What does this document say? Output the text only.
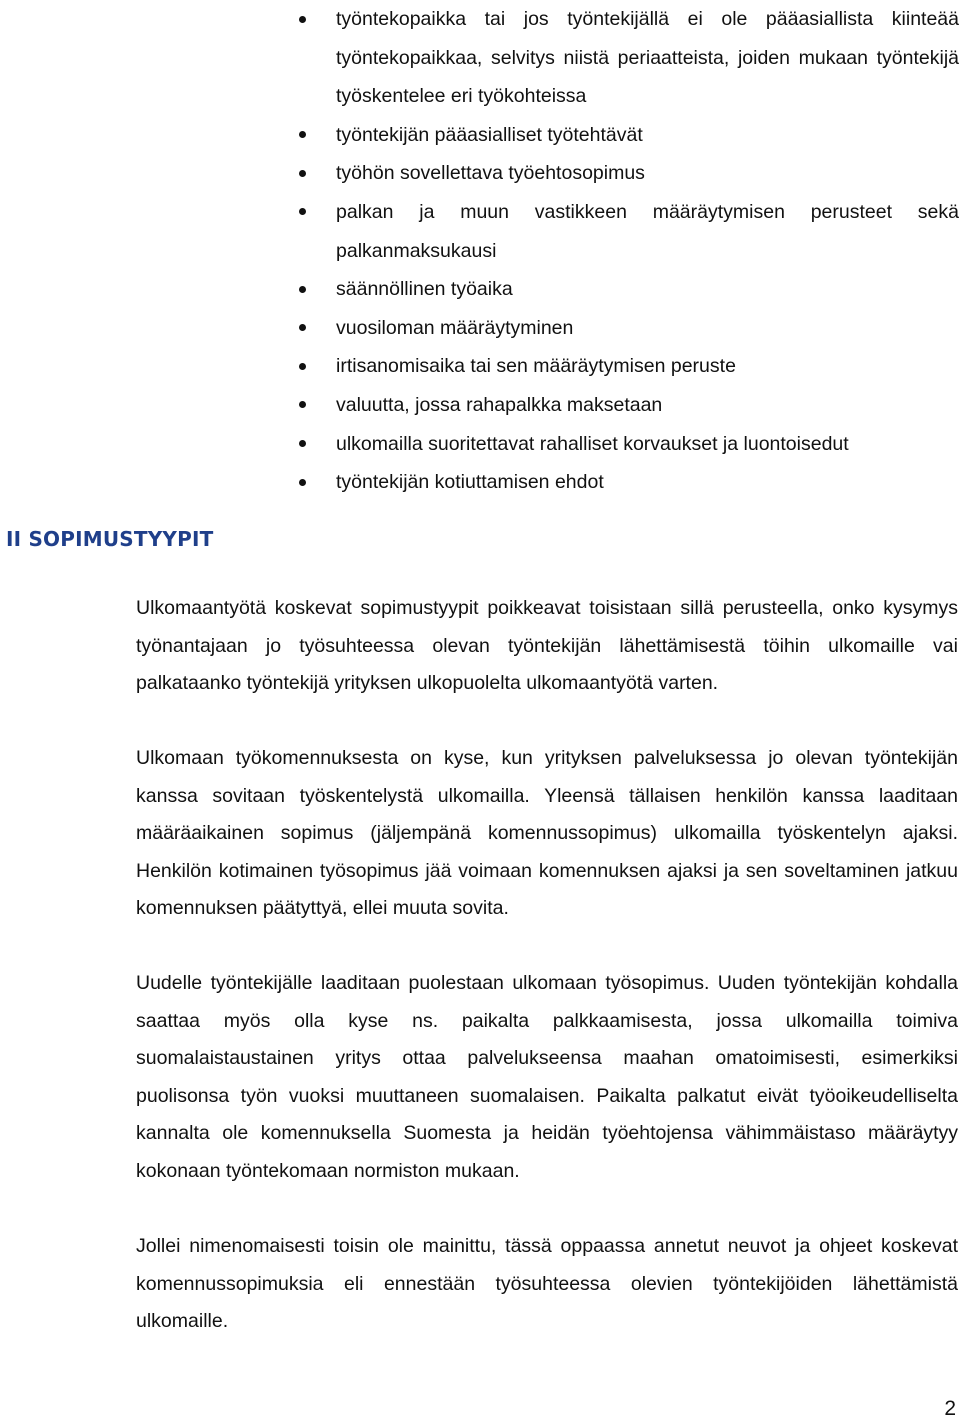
työntekopaikka tai jos työntekijällä ei ole pääasiallista kiinteää työntekopaikkaa, selvitys niistä periaatteista, joiden mukaan työntekijä työskentelee eri työkohteissa
työntekijän pääasialliset työtehtävät
työhön sovellettava työehtosopimus
palkan ja muun vastikkeen määräytymisen perusteet sekä palkanmaksukausi
säännöllinen työaika
vuosiloman määräytyminen
irtisanomisaika tai sen määräytymisen peruste
valuutta, jossa rahapalkka maksetaan
ulkomailla suoritettavat rahalliset korvaukset ja luontoisedut
työntekijän kotiuttamisen ehdot
II SOPIMUSTYYPIT

Ulkomaantyötä koskevat sopimustyypit poikkeavat toisistaan sillä perusteella, onko kysymys työnantajaan jo työsuhteessa olevan työntekijän lähettämisestä töihin ulkomaille vai palkataanko työntekijä yrityksen ulkopuolelta ulkomaantyötä varten.

Ulkomaan työkomennuksesta on kyse, kun yrityksen palveluksessa jo olevan työntekijän kanssa sovitaan työskentelystä ulkomailla. Yleensä tällaisen henkilön kanssa laaditaan määräaikainen sopimus (jäljempänä komennussopimus) ulkomailla työskentelyn ajaksi. Henkilön kotimainen työsopimus jää voimaan komennuksen ajaksi ja sen soveltaminen jatkuu komennuksen päätyttyä, ellei muuta sovita.

Uudelle työntekijälle laaditaan puolestaan ulkomaan työsopimus. Uuden työntekijän kohdalla saattaa myös olla kyse ns. paikalta palkkaamisesta, jossa ulkomailla toimiva suomalaistaustainen yritys ottaa palvelukseensa maahan omatoimisesti, esimerkiksi puolisonsa työn vuoksi muuttaneen suomalaisen. Paikalta palkatut eivät työoikeudelliselta kannalta ole komennuksella Suomesta ja heidän työehtojensa vähimmäistaso määräytyy kokonaan työntekomaan normiston mukaan.

Jollei nimenomaisesti toisin ole mainittu, tässä oppaassa annetut neuvot ja ohjeet koskevat komennussopimuksia eli ennestään työsuhteessa olevien työntekijöiden lähettämistä ulkomaille.

2
